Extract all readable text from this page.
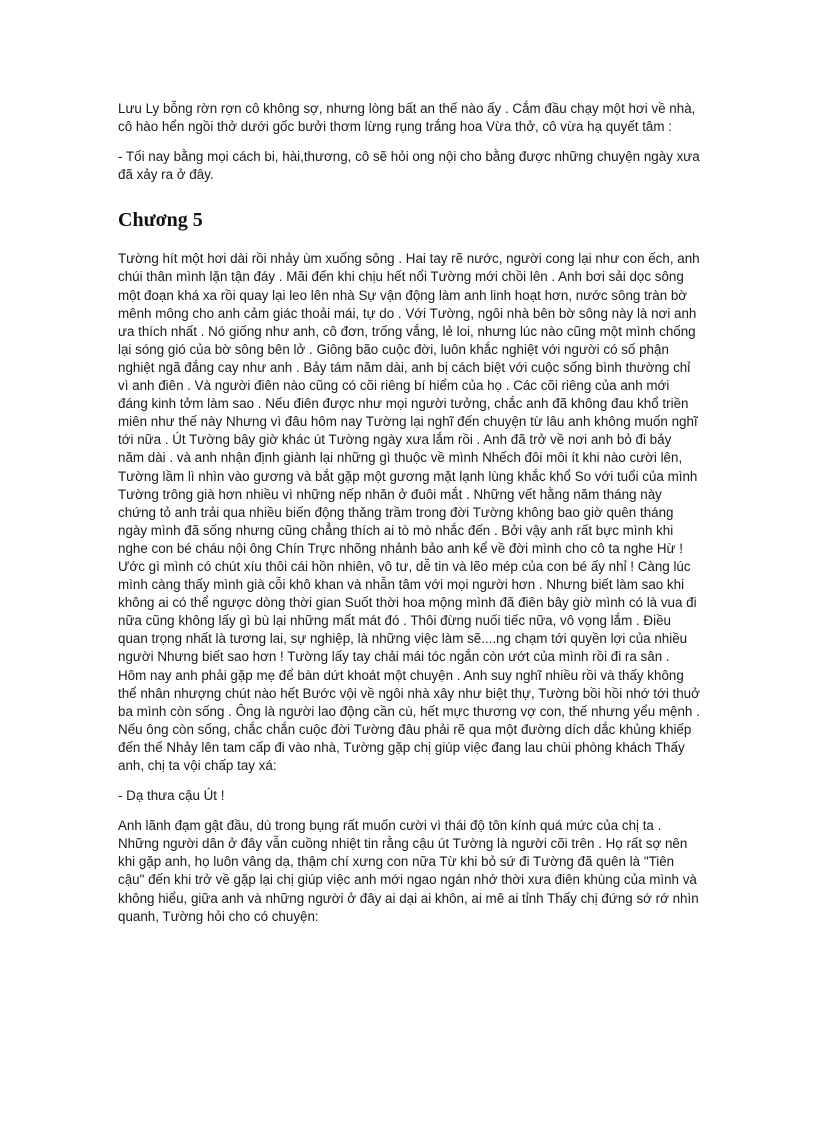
Lưu Ly bỗng rờn rợn cô không sợ, nhưng lòng bất an thế nào ấy . Cắm đầu chạy một hơi về nhà, cô hào hển ngồi thở dưới gốc bưởi thơm lừng rụng trắng hoa Vừa thở, cô vừa hạ quyết tâm :

- Tối nay bằng mọi cách bi, hài,thương, cô sẽ hỏi ong nội cho bằng được những chuyện ngày xưa đã xảy ra ở đây.

Chương 5

Tường hít một hơi dài rồi nhảy ùm xuống sông . Hai tay rẽ nước, người cong lại như con ếch, anh chúi thân mình lặn tận đáy . Mãi đến khi chịu hết nổi Tường mới chồi lên . Anh bơi sải dọc sông một đoạn khá xa rồi quay lại leo lên nhà Sự vận động làm anh linh hoạt hơn, nước sông tràn bờ mênh mông cho anh cảm giác thoải mái, tự do . Với Tường, ngôi nhà bên bờ sông này là nơi anh ưa thích nhất . Nó giống như anh, cô đơn, trống vắng, lẻ loi, nhưng lúc nào cũng một mình chống lại sóng gió của bờ sông bên lở . Giông bão cuộc đời, luôn khắc nghiệt với người có số phận nghiệt ngã đắng cay như anh . Bảy tám năm dài, anh bị cách biệt với cuộc sống bình thường chỉ vì anh điên . Và người điên nào cũng có cõi riêng bí hiểm của họ . Các cõi riêng của anh mới đáng kinh tởm làm sao . Nếu điên được như mọi người tưởng, chắc anh đã không đau khổ triền miên như thế này Nhưng vì đâu hôm nay Tường lại nghĩ đến chuyện từ lâu anh không muốn nghĩ tới nữa . Út Tường bây giờ khác út Tường ngày xưa lắm rồi . Anh đã trở về nơi anh bỏ đi bảy năm dài . và anh nhận định giành lại những gì thuộc về mình Nhếch đôi môi ít khi nào cười lên, Tường lầm lì nhìn vào gương và bắt gặp một gương mặt lạnh lùng khắc khổ So với tuổi của mình Tường trông già hơn nhiều vì những nếp nhăn ở đuôi mắt . Những vết hằng năm tháng này chứng tỏ anh trải qua nhiều biến động thăng trầm trong đời Tường không bao giờ quên tháng ngày mình đã sống nhưng cũng chẳng thích ai tò mò nhắc đến . Bởi vậy anh rất bực mình khi nghe con bé cháu nội ông Chín Trực nhõng nhảnh bảo anh kể về đời mình cho cô ta nghe Hừ ! Ước gì mình có chút xíu thôi cái hồn nhiên, vô tư, dễ tin và lẽo mép của con bé ấy nhỉ ! Càng lúc mình càng thấy mình già cỗi khô khan và nhẫn tâm với mọi người hơn . Nhưng biết làm sao khi không ai có thể ngược dòng thời gian Suốt thời hoa mộng mình đã điên bây giờ mình có là vua đi nữa cũng không lấy gì bù lại những mất mát đó . Thôi đừng nuối tiếc nữa, vô vọng lắm . Điều quan trọng nhất là tương lai, sự nghiệp, là những việc làm sẽ....ng chạm tới quyền lợi của nhiều người Nhưng biết sao hơn ! Tường lấy tay chải mái tóc ngắn còn ướt của mình rồi đi ra sân . Hôm nay anh phải gặp mẹ để bàn dứt khoát một chuyện . Anh suy nghĩ nhiều rồi và thấy không thể nhân nhượng chút nào hết Bước vội về ngôi nhà xây như biệt thự, Tường bồi hồi nhớ tới thuở ba mình còn sống . Ông là người lao động cần cù, hết mực thương vợ con, thế nhưng yểu mệnh . Nếu ông còn sống, chắc chắn cuộc đời Tường đâu phải rẽ qua một đường dích dắc khủng khiếp đến thế Nhảy lên tam cấp đi vào nhà, Tường gặp chị giúp việc đang lau chùi phòng khách Thấy anh, chị ta vội chấp tay xá:

- Dạ thưa cậu Út !

Anh lãnh đạm gật đầu, dù trong bụng rất muốn cười vì thái độ tôn kính quá mức của chị ta . Những người dân ở đây vẫn cuồng nhiệt tin rằng cậu út Tường là người cõi trên . Họ rất sợ nên khi gặp anh, họ luôn vâng dạ, thậm chí xưng con nữa Từ khi bỏ sứ đi Tường đã quên là "Tiên cậu" đến khi trở về gặp lại chị giúp việc anh mới ngao ngán nhớ thời xưa điên khùng của mình và không hiểu, giữa anh và những người ở đây ai dại ai khôn, ai mê ai tỉnh Thấy chị đứng sớ rớ nhìn quanh, Tường hỏi cho có chuyện:
